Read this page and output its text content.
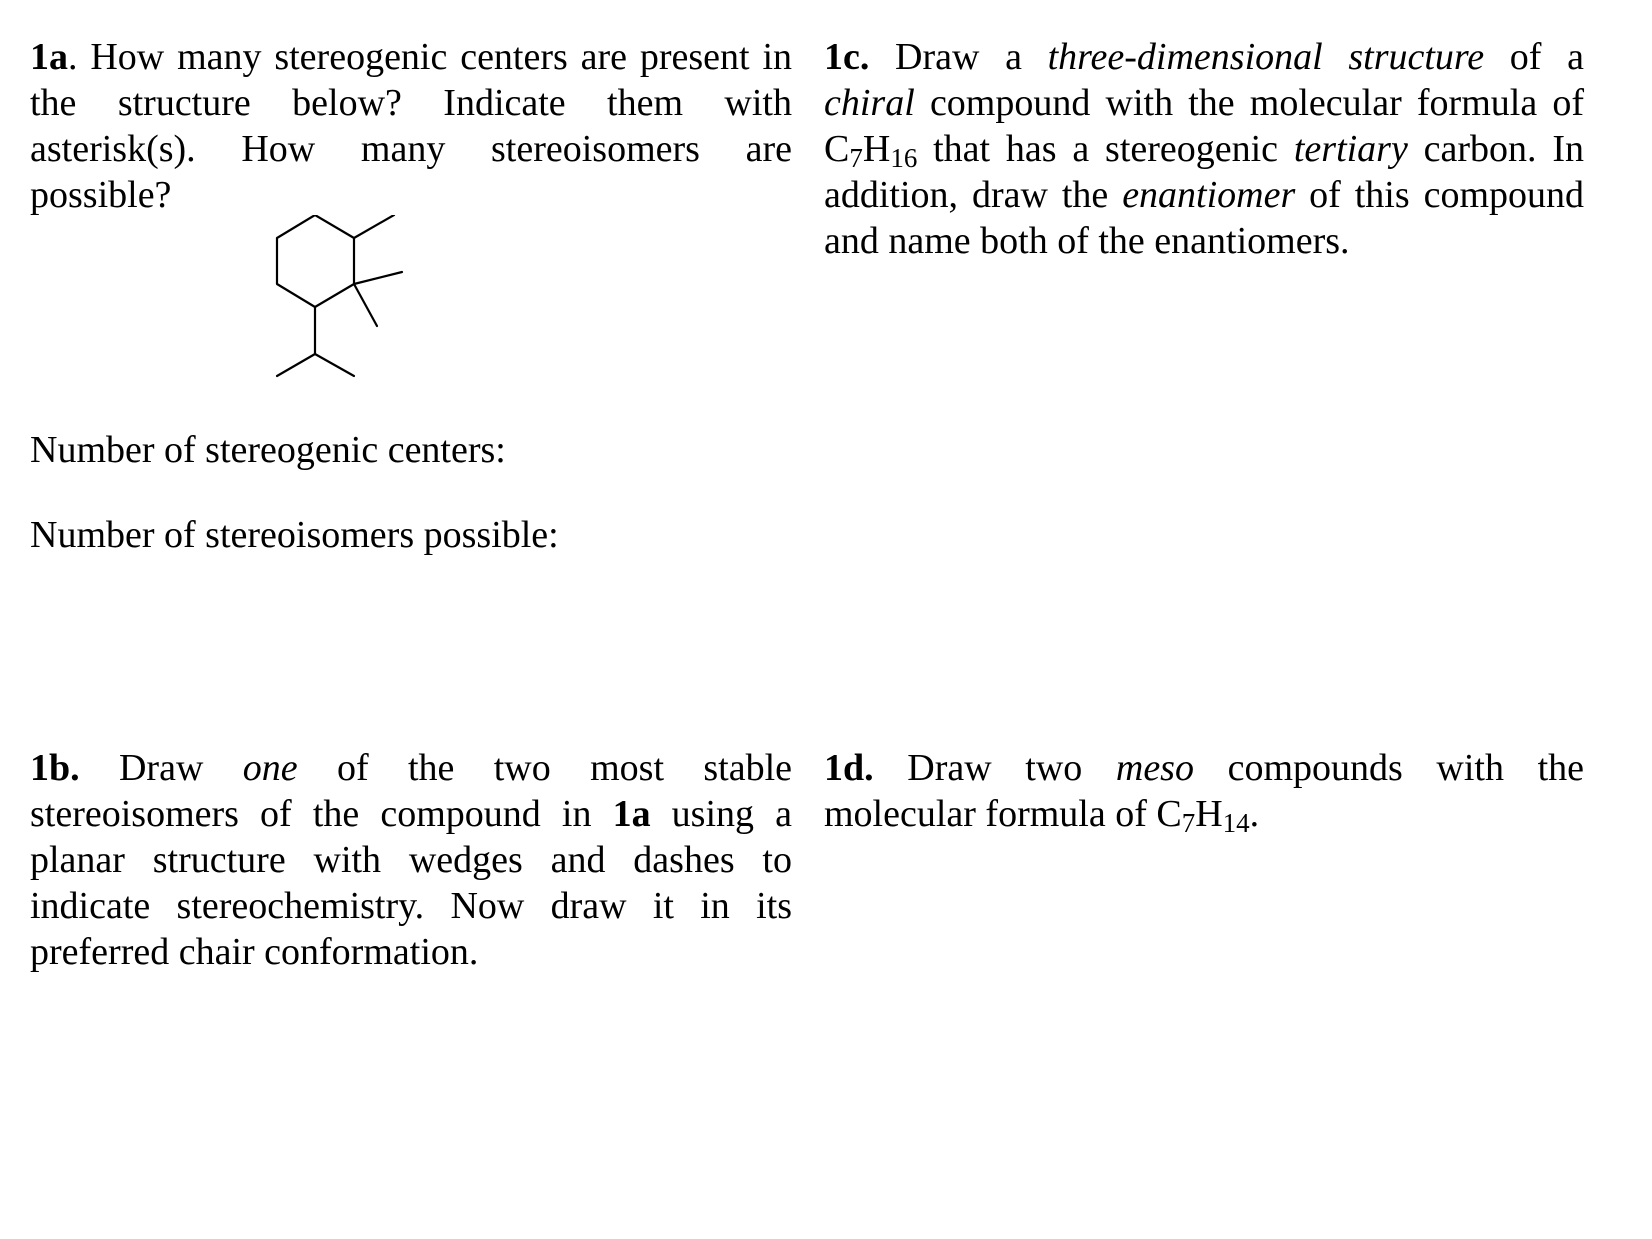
1a. How many stereogenic centers are present in the structure below? Indicate them with asterisk(s). How many stereoisomers are possible?
Number of stereogenic centers:
Number of stereoisomers possible:
1c. Draw a three-dimensional structure of a chiral compound with the molecular formula of $C_7H_{16}$ that has a stereogenic tertiary carbon. In addition, draw the enantiomer of this compound and name both of the enantiomers.
1b. Draw one of the two most stable stereoisomers of the compound in 1a using a planar structure with wedges and dashes to indicate stereochemistry. Now draw it in its preferred chair conformation.
1d. Draw two meso compounds with the molecular formula of $C_7H_{14}$.
